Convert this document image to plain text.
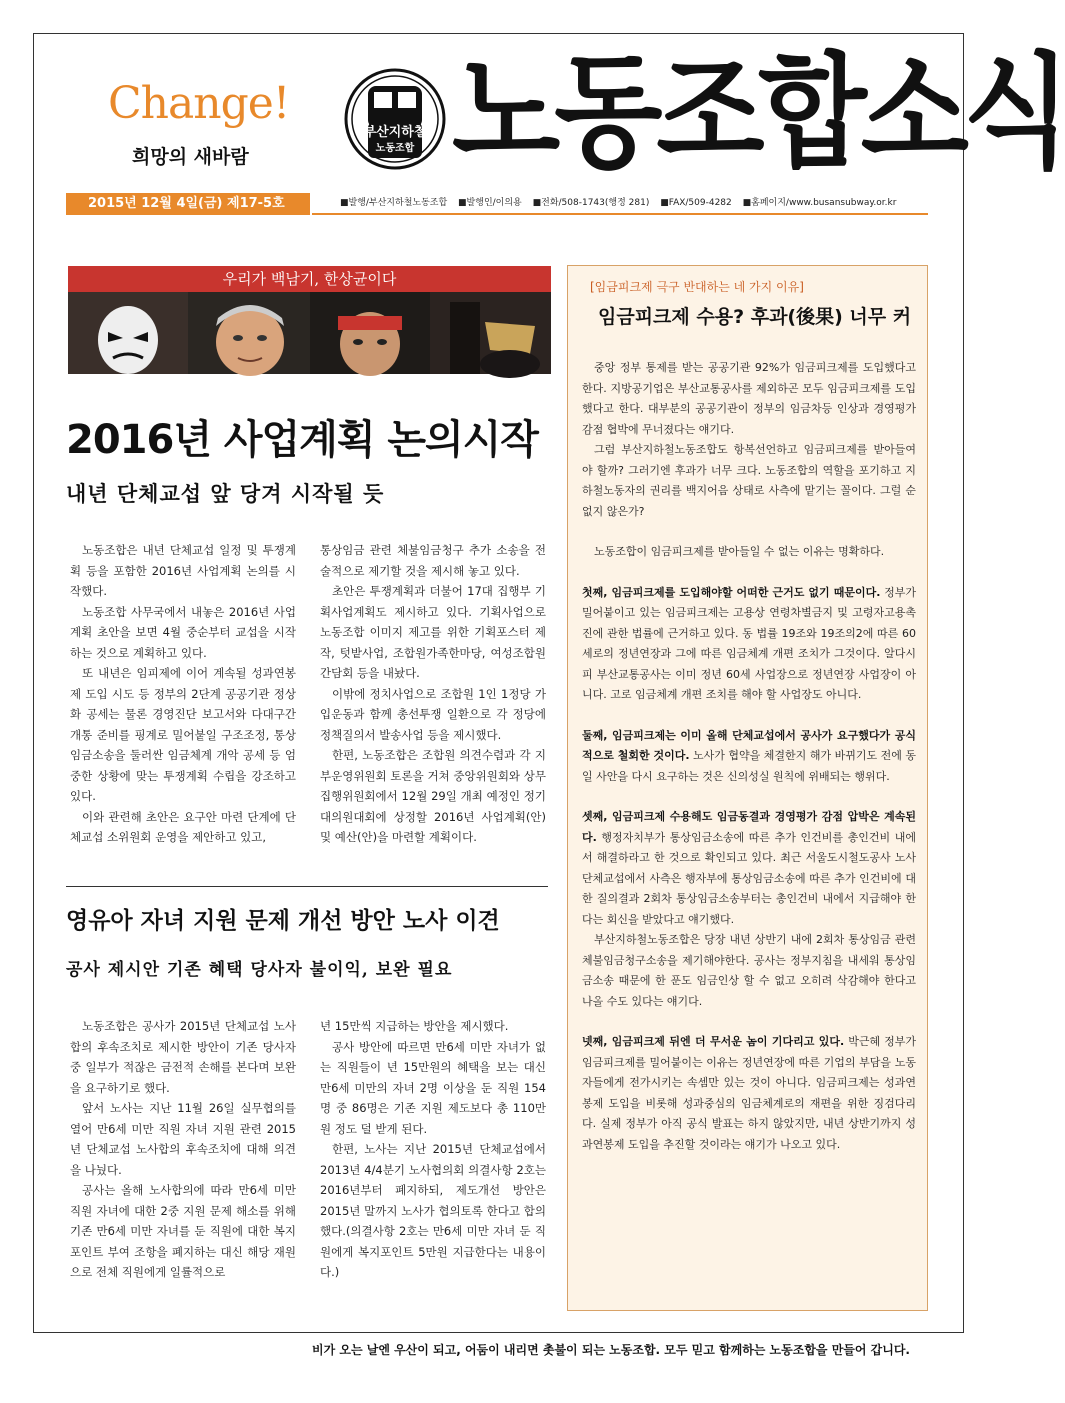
Change!
희망의 새바람
부산지하철
노동조합 노동조합소식
2015년 12월 4일(금) 제17-5호	■발행/부산지하철노동조합 ■발행인/이의용 ■전화/508-1743(행정 281) ■FAX/509-4282 ■홈페이지/www.busansubway.or.kr
우리가 백남기, 한상균이다
2016년 사업계획 논의시작
내년 단체교섭 앞 당겨 시작될 듯

노동조합은 내년 단체교섭 일정 및 투쟁계획 등을 포함한 2016년 사업계획 논의를 시작했다.

노동조합 사무국에서 내놓은 2016년 사업계획 초안을 보면 4월 중순부터 교섭을 시작하는 것으로 계획하고 있다.

또 내년은 임피제에 이어 계속될 성과연봉제 도입 시도 등 정부의 2단계 공공기관 정상화 공세는 물론 경영진단 보고서와 다대구간 개통 준비를 핑계로 밀어붙일 구조조정, 통상임금소송을 둘러싼 임금체계 개악 공세 등 엄중한 상황에 맞는 투쟁계획 수립을 강조하고 있다.

이와 관련해 초안은 요구안 마련 단계에 단체교섭 소위원회 운영을 제안하고 있고,

통상임금 관련 체불임금청구 추가 소송을 전술적으로 제기할 것을 제시해 놓고 있다.

초안은 투쟁계획과 더불어 17대 집행부 기획사업계획도 제시하고 있다. 기획사업으로 노동조합 이미지 제고를 위한 기획포스터 제작, 텃밭사업, 조합원가족한마당, 여성조합원 간담회 등을 내놨다.

이밖에 정치사업으로 조합원 1인 1정당 가입운동과 함께 총선투쟁 일환으로 각 정당에 정책질의서 발송사업 등을 제시했다.

한편, 노동조합은 조합원 의견수렴과 각 지부운영위원회 토론을 거쳐 중앙위원회와 상무집행위원회에서 12월 29일 개최 예정인 정기대의원대회에 상정할 2016년 사업계획(안) 및 예산(안)을 마련할 계획이다.

영유아 자녀 지원 문제 개선 방안 노사 이견
공사 제시안 기존 혜택 당사자 불이익, 보완 필요

노동조합은 공사가 2015년 단체교섭 노사합의 후속조치로 제시한 방안이 기존 당사자 중 일부가 적잖은 금전적 손해를 본다며 보완을 요구하기로 했다.

앞서 노사는 지난 11월 26일 실무협의를 열어 만6세 미만 직원 자녀 지원 관련 2015년 단체교섭 노사합의 후속조치에 대해 의견을 나눴다.

공사는 올해 노사합의에 따라 만6세 미만 직원 자녀에 대한 2중 지원 문제 해소를 위해 기존 만6세 미만 자녀를 둔 직원에 대한 복지포인트 부여 조항을 폐지하는 대신 해당 재원으로 전체 직원에게 일률적으로

년 15만씩 지급하는 방안을 제시했다.

공사 방안에 따르면 만6세 미만 자녀가 없는 직원들이 년 15만원의 혜택을 보는 대신 만6세 미만의 자녀 2명 이상을 둔 직원 154명 중 86명은 기존 지원 제도보다 총 110만원 정도 덜 받게 된다.

한편, 노사는 지난 2015년 단체교섭에서 2013년 4/4분기 노사협의회 의결사항 2호는 2016년부터 폐지하되, 제도개선 방안은 2015년 말까지 노사가 협의토록 한다고 합의했다.(의결사항 2호는 만6세 미만 자녀 둔 직원에게 복지포인트 5만원 지급한다는 내용이다.)

[임금피크제 극구 반대하는 네 가지 이유]
임금피크제 수용? 후과(後果) 너무 커

중앙 정부 통제를 받는 공공기관 92%가 임금피크제를 도입했다고 한다. 지방공기업은 부산교통공사를 제외하곤 모두 임금피크제를 도입했다고 한다. 대부분의 공공기관이 정부의 임금차등 인상과 경영평가 감점 협박에 무너졌다는 얘기다.

그럼 부산지하철노동조합도 항복선언하고 임금피크제를 받아들여야 할까? 그러기엔 후과가 너무 크다. 노동조합의 역할을 포기하고 지하철노동자의 권리를 백지어음 상태로 사측에 맡기는 꼴이다. 그럴 순 없지 않은가?

노동조합이 임금피크제를 받아들일 수 없는 이유는 명확하다.

첫째, 임금피크제를 도입해야할 어떠한 근거도 없기 때문이다. 정부가 밀어붙이고 있는 임금피크제는 고용상 연령차별금지 및 고령자고용촉진에 관한 법률에 근거하고 있다. 동 법률 19조와 19조의2에 따른 60세로의 정년연장과 그에 따른 임금체계 개편 조치가 그것이다. 알다시피 부산교통공사는 이미 정년 60세 사업장으로 정년연장 사업장이 아니다. 고로 임금체계 개편 조치를 해야 할 사업장도 아니다.

둘째, 임금피크제는 이미 올해 단체교섭에서 공사가 요구했다가 공식적으로 철회한 것이다. 노사가 협약을 체결한지 해가 바뀌기도 전에 동일 사안을 다시 요구하는 것은 신의성실 원칙에 위배되는 행위다.

셋째, 임금피크제 수용해도 임금동결과 경영평가 감점 압박은 계속된다. 행정자치부가 통상임금소송에 따른 추가 인건비를 총인건비 내에서 해결하라고 한 것으로 확인되고 있다. 최근 서울도시철도공사 노사 단체교섭에서 사측은 행자부에 통상임금소송에 따른 추가 인건비에 대한 질의결과 2회차 통상임금소송부터는 총인건비 내에서 지급해야 한다는 회신을 받았다고 얘기했다.

부산지하철노동조합은 당장 내년 상반기 내에 2회차 통상임금 관련 체불임금청구소송을 제기해야한다. 공사는 정부지침을 내세워 통상임금소송 때문에 한 푼도 임금인상 할 수 없고 오히려 삭감해야 한다고 나올 수도 있다는 얘기다.

넷째, 임금피크제 뒤엔 더 무서운 놈이 기다리고 있다. 박근혜 정부가 임금피크제를 밀어붙이는 이유는 정년연장에 따른 기업의 부담을 노동자들에게 전가시키는 속셈만 있는 것이 아니다. 임금피크제는 성과연봉제 도입을 비롯해 성과중심의 임금체계로의 재편을 위한 징검다리다. 실제 정부가 아직 공식 발표는 하지 않았지만, 내년 상반기까지 성과연봉제 도입을 추진할 것이라는 얘기가 나오고 있다.

비가 오는 날엔 우산이 되고, 어둠이 내리면 촛불이 되는 노동조합. 모두 믿고 함께하는 노동조합을 만들어 갑니다.
